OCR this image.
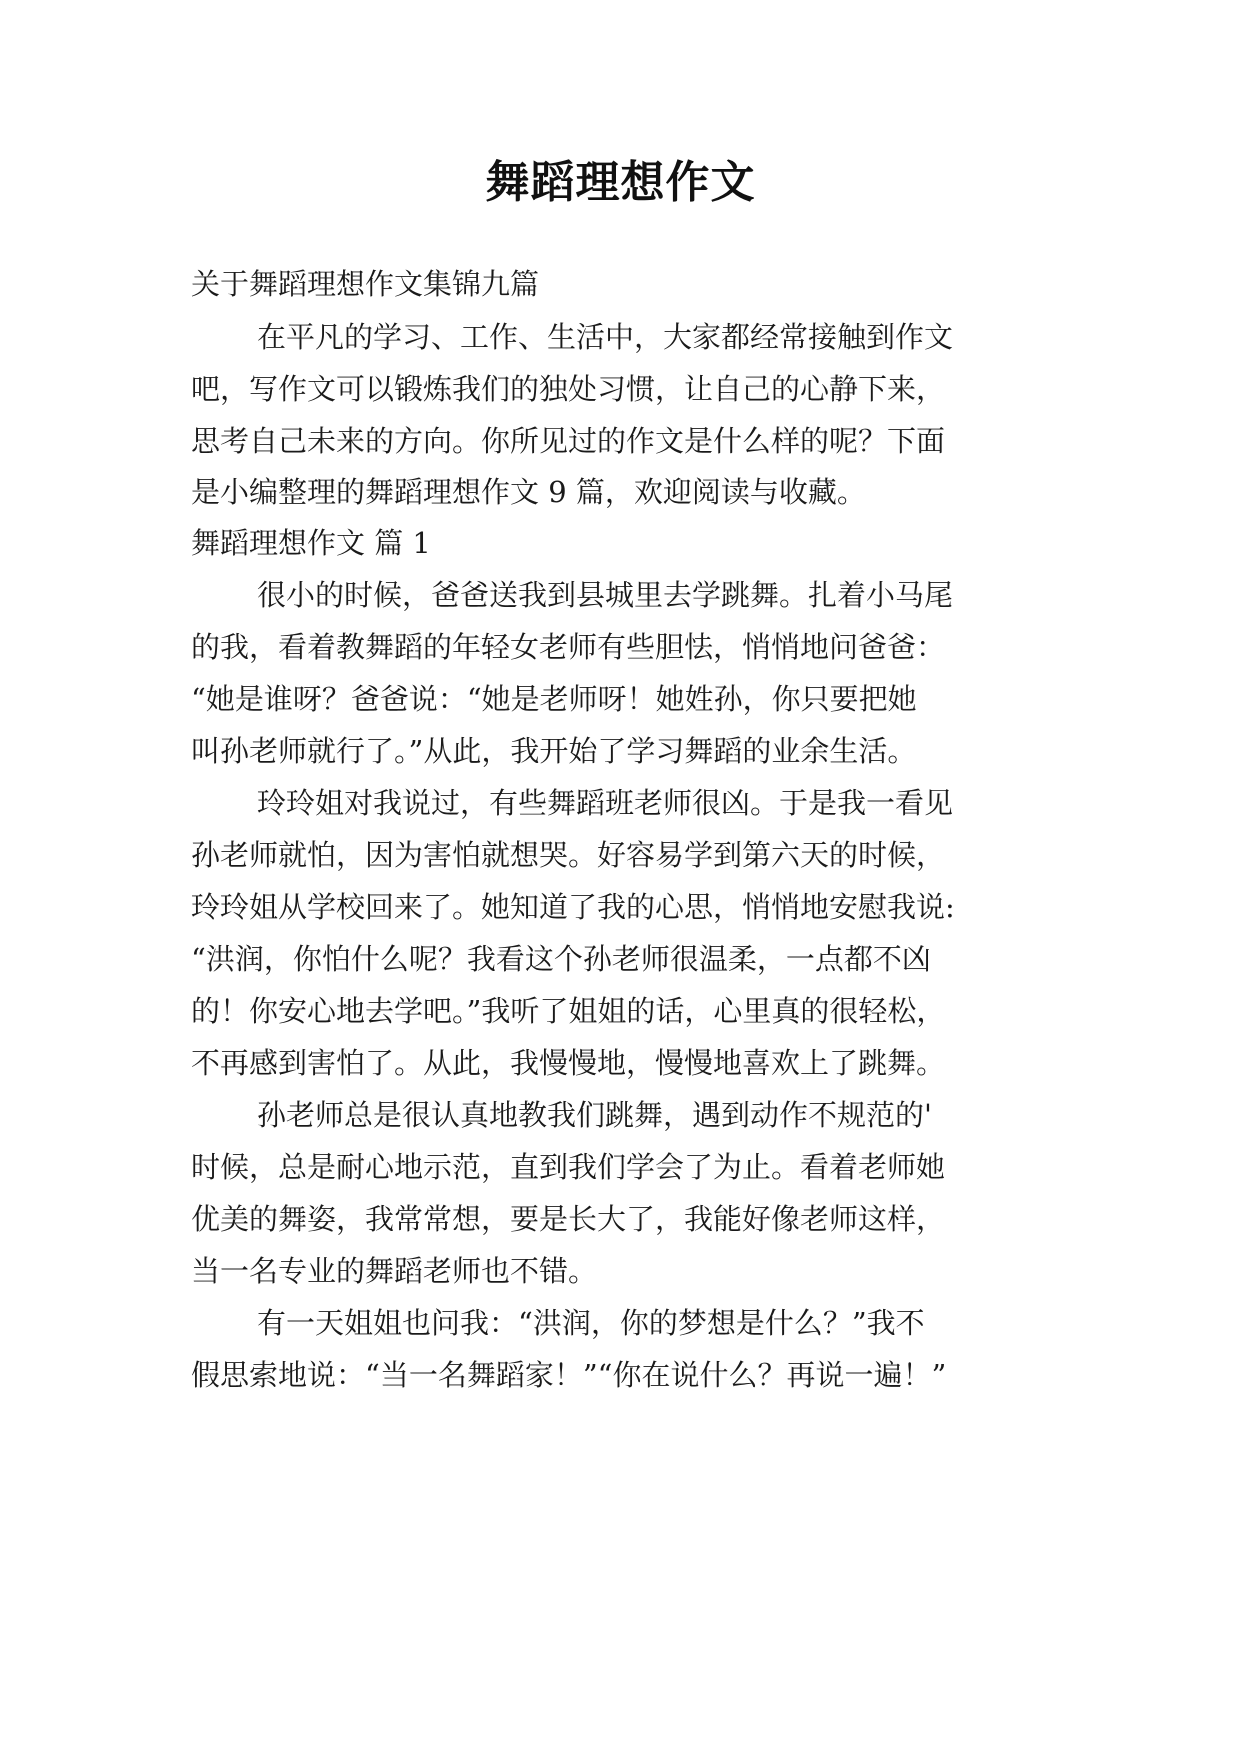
舞蹈理想作文
关于舞蹈理想作文集锦九篇
在平凡的学习、工作、生活中，大家都经常接触到作文
吧，写作文可以锻炼我们的独处习惯，让自己的心静下来，
思考自己未来的方向。你所见过的作文是什么样的呢？下面
是小编整理的舞蹈理想作文 9 篇，欢迎阅读与收藏。
舞蹈理想作文 篇 1
很小的时候，爸爸送我到县城里去学跳舞。扎着小马尾
的我，看着教舞蹈的年轻女老师有些胆怯，悄悄地问爸爸：
“她是谁呀？爸爸说：“她是老师呀！她姓孙，你只要把她
叫孙老师就行了。”从此，我开始了学习舞蹈的业余生活。
玲玲姐对我说过，有些舞蹈班老师很凶。于是我一看见
孙老师就怕，因为害怕就想哭。好容易学到第六天的时候，
玲玲姐从学校回来了。她知道了我的心思，悄悄地安慰我说:
“洪润，你怕什么呢？我看这个孙老师很温柔，一点都不凶
的！你安心地去学吧。”我听了姐姐的话，心里真的很轻松，
不再感到害怕了。从此，我慢慢地，慢慢地喜欢上了跳舞。
孙老师总是很认真地教我们跳舞，遇到动作不规范的'
时候，总是耐心地示范，直到我们学会了为止。看着老师她
优美的舞姿，我常常想，要是长大了，我能好像老师这样，
当一名专业的舞蹈老师也不错。
有一天姐姐也问我：“洪润，你的梦想是什么？”我不
假思索地说：“当一名舞蹈家！”“你在说什么？再说一遍！”
